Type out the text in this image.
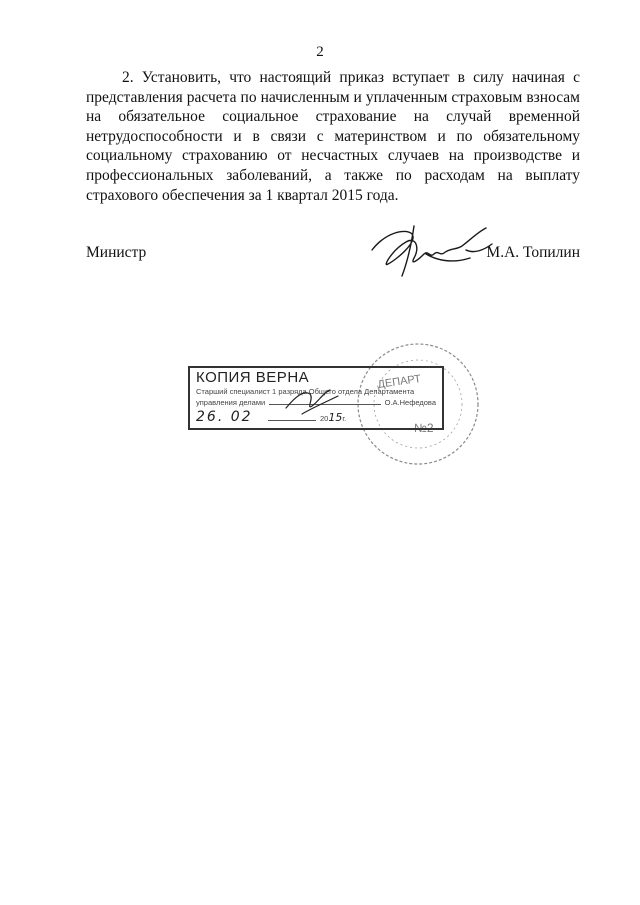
2

2. Установить, что настоящий приказ вступает в силу начиная с представления расчета по начисленным и уплаченным страховым взносам на обязательное социальное страхование на случай временной нетрудоспособности и в связи с материнством и по обязательному социальному страхованию от несчастных случаев на производстве и профессиональных заболеваний, а также по расходам на выплату страхового обеспечения за 1 квартал 2015 года.

Министр	М.А. Топилин
ДЕПАРТ
№2
КОПИЯ ВЕРНА
Старший специалист 1 разряда Общего отдела Департамента
управления делами	О.А.Нефедова
26. 02	20 15 г.
